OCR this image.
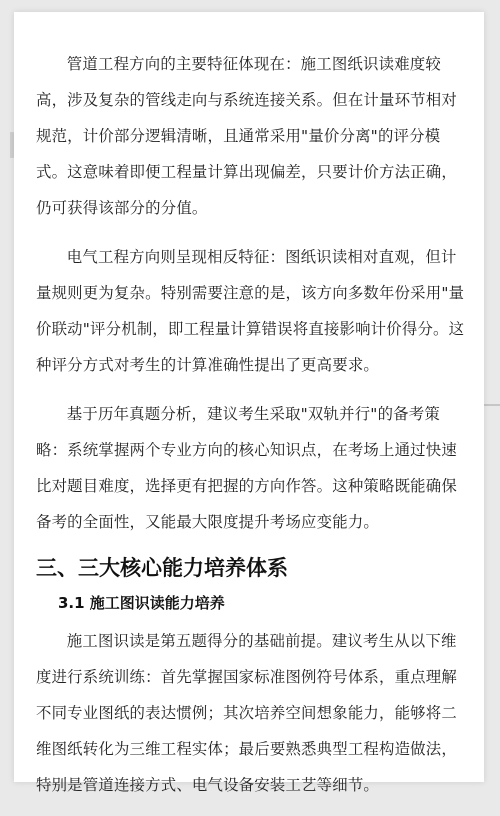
管道工程方向的主要特征体现在：施工图纸识读难度较高，涉及复杂的管线走向与系统连接关系。但在计量环节相对规范，计价部分逻辑清晰，且通常采用"量价分离"的评分模式。这意味着即便工程量计算出现偏差，只要计价方法正确，仍可获得该部分的分值。

电气工程方向则呈现相反特征：图纸识读相对直观，但计量规则更为复杂。特别需要注意的是，该方向多数年份采用"量价联动"评分机制，即工程量计算错误将直接影响计价得分。这种评分方式对考生的计算准确性提出了更高要求。

基于历年真题分析，建议考生采取"双轨并行"的备考策略：系统掌握两个专业方向的核心知识点，在考场上通过快速比对题目难度，选择更有把握的方向作答。这种策略既能确保备考的全面性，又能最大限度提升考场应变能力。

三、三大核心能力培养体系
3.1 施工图识读能力培养

施工图识读是第五题得分的基础前提。建议考生从以下维度进行系统训练：首先掌握国家标准图例符号体系，重点理解不同专业图纸的表达惯例；其次培养空间想象能力，能够将二维图纸转化为三维工程实体；最后要熟悉典型工程构造做法，特别是管道连接方式、电气设备安装工艺等细节。
